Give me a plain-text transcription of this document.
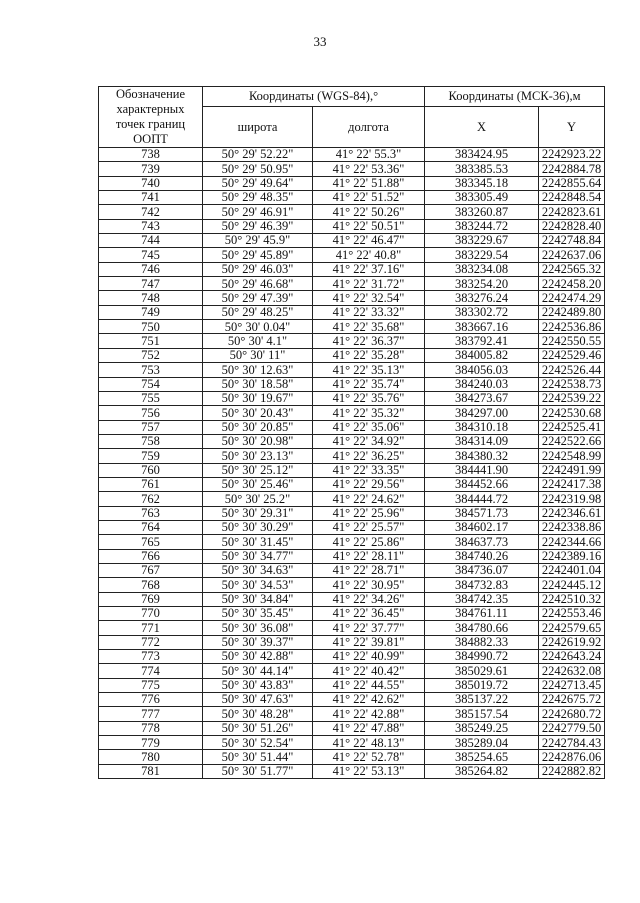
33
Обозначение характерных точек границ ООПТ	Координаты (WGS-84),°		Координаты (МСК-36),м	
	широта	долгота	X	Y
738	50° 29' 52.22"	41° 22' 55.3"	383424.95	2242923.22
739	50° 29' 50.95"	41° 22' 53.36"	383385.53	2242884.78
740	50° 29' 49.64"	41° 22' 51.88"	383345.18	2242855.64
741	50° 29' 48.35"	41° 22' 51.52"	383305.49	2242848.54
742	50° 29' 46.91"	41° 22' 50.26"	383260.87	2242823.61
743	50° 29' 46.39"	41° 22' 50.51"	383244.72	2242828.40
744	50° 29' 45.9"	41° 22' 46.47"	383229.67	2242748.84
745	50° 29' 45.89"	41° 22' 40.8"	383229.54	2242637.06
746	50° 29' 46.03"	41° 22' 37.16"	383234.08	2242565.32
747	50° 29' 46.68"	41° 22' 31.72"	383254.20	2242458.20
748	50° 29' 47.39"	41° 22' 32.54"	383276.24	2242474.29
749	50° 29' 48.25"	41° 22' 33.32"	383302.72	2242489.80
750	50° 30' 0.04"	41° 22' 35.68"	383667.16	2242536.86
751	50° 30' 4.1"	41° 22' 36.37"	383792.41	2242550.55
752	50° 30' 11"	41° 22' 35.28"	384005.82	2242529.46
753	50° 30' 12.63"	41° 22' 35.13"	384056.03	2242526.44
754	50° 30' 18.58"	41° 22' 35.74"	384240.03	2242538.73
755	50° 30' 19.67"	41° 22' 35.76"	384273.67	2242539.22
756	50° 30' 20.43"	41° 22' 35.32"	384297.00	2242530.68
757	50° 30' 20.85"	41° 22' 35.06"	384310.18	2242525.41
758	50° 30' 20.98"	41° 22' 34.92"	384314.09	2242522.66
759	50° 30' 23.13"	41° 22' 36.25"	384380.32	2242548.99
760	50° 30' 25.12"	41° 22' 33.35"	384441.90	2242491.99
761	50° 30' 25.46"	41° 22' 29.56"	384452.66	2242417.38
762	50° 30' 25.2"	41° 22' 24.62"	384444.72	2242319.98
763	50° 30' 29.31"	41° 22' 25.96"	384571.73	2242346.61
764	50° 30' 30.29"	41° 22' 25.57"	384602.17	2242338.86
765	50° 30' 31.45"	41° 22' 25.86"	384637.73	2242344.66
766	50° 30' 34.77"	41° 22' 28.11"	384740.26	2242389.16
767	50° 30' 34.63"	41° 22' 28.71"	384736.07	2242401.04
768	50° 30' 34.53"	41° 22' 30.95"	384732.83	2242445.12
769	50° 30' 34.84"	41° 22' 34.26"	384742.35	2242510.32
770	50° 30' 35.45"	41° 22' 36.45"	384761.11	2242553.46
771	50° 30' 36.08"	41° 22' 37.77"	384780.66	2242579.65
772	50° 30' 39.37"	41° 22' 39.81"	384882.33	2242619.92
773	50° 30' 42.88"	41° 22' 40.99"	384990.72	2242643.24
774	50° 30' 44.14"	41° 22' 40.42"	385029.61	2242632.08
775	50° 30' 43.83"	41° 22' 44.55"	385019.72	2242713.45
776	50° 30' 47.63"	41° 22' 42.62"	385137.22	2242675.72
777	50° 30' 48.28"	41° 22' 42.88"	385157.54	2242680.72
778	50° 30' 51.26"	41° 22' 47.88"	385249.25	2242779.50
779	50° 30' 52.54"	41° 22' 48.13"	385289.04	2242784.43
780	50° 30' 51.44"	41° 22' 52.78"	385254.65	2242876.06
781	50° 30' 51.77"	41° 22' 53.13"	385264.82	2242882.82
